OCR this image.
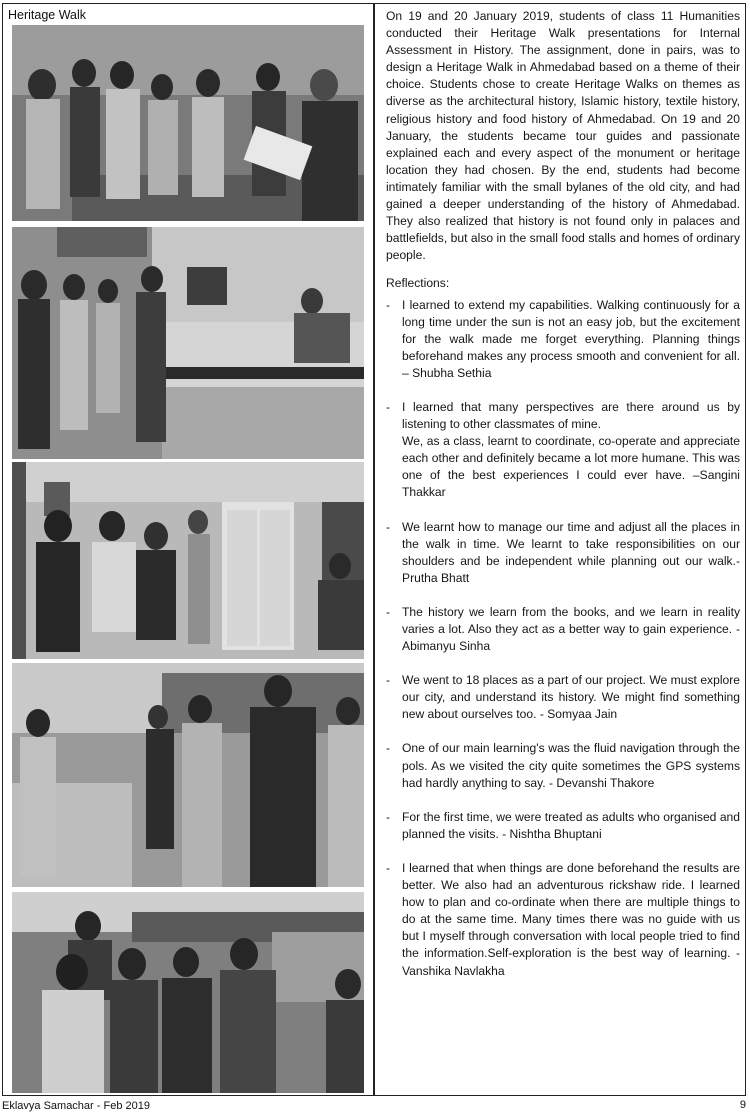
Heritage Walk	On 19 and 20 January 2019, students of class 11 Humanities conducted their Heritage Walk presentations for Internal Assessment in History. The assignment, done in pairs, was to design a Heritage Walk in Ahmedabad based on a theme of their choice. Students chose to create Heritage Walks on themes as diverse as the architectural history, Islamic history, textile history, religious history and food history of Ahmedabad. On 19 and 20 January, the students became tour guides and passionate explained each and every aspect of the monument or heritage location they had chosen. By the end, students had become intimately familiar with the small bylanes of the old city, and had gained a deeper understanding of the history of Ahmedabad. They also realized that history is not found only in palaces and battlefields, but also in the small food stalls and homes of ordinary people.

Reflections:
- I learned to extend my capabilities. Walking continuously for a long time under the sun is not an easy job, but the excitement for the walk made me forget everything. Planning things beforehand makes any process smooth and convenient for all. – Shubha Sethia

- I learned that many perspectives are there around us by listening to other classmates of mine.

We, as a class, learnt to coordinate, co-operate and appreciate each other and definitely became a lot more humane. This was one of the best experiences I could ever have. –Sangini Thakkar

- We learnt how to manage our time and adjust all the places in the walk in time. We learnt to take responsibilities on our shoulders and be independent while planning out our walk.- Prutha Bhatt

- The history we learn from the books, and we learn in reality varies a lot. Also they act as a better way to gain experience. - Abimanyu Sinha

- We went to 18 places as a part of our project. We must explore our city, and understand its history. We might find something new about ourselves too. - Somyaa Jain

- One of our main learning's was the fluid navigation through the pols. As we visited the city quite sometimes the GPS systems had hardly anything to say. - Devanshi Thakore

- For the first time, we were treated as adults who organised and planned the visits. - Nishtha Bhuptani

- I learned that when things are done beforehand the results are better. We also had an adventurous rickshaw ride. I learned how to plan and co-ordinate when there are multiple things to do at the same time. Many times there was no guide with us but I myself through conversation with local people tried to find the information.Self-exploration is the best way of learning. - Vanshika Navlakha

Eklavya Samachar - Feb 2019	9
